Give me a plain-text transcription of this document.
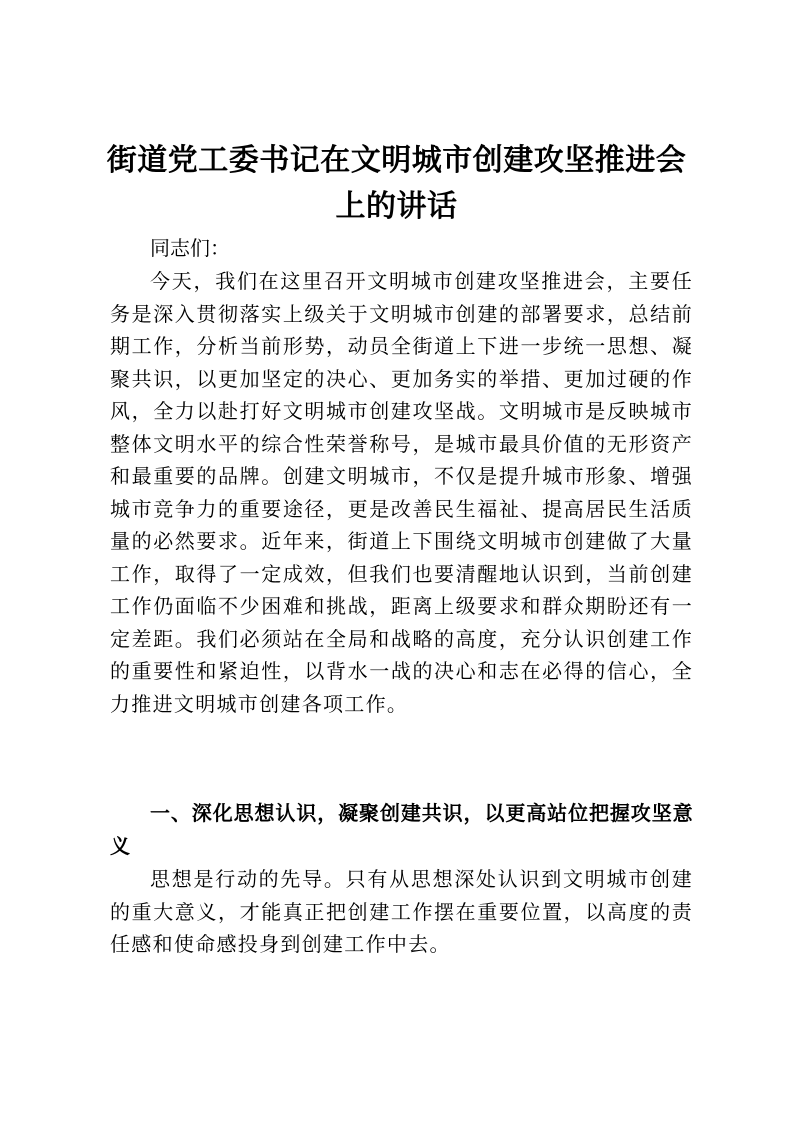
街道党工委书记在文明城市创建攻坚推进会上的讲话

同志们：

今天，我们在这里召开文明城市创建攻坚推进会，主要任务是深入贯彻落实上级关于文明城市创建的部署要求，总结前期工作，分析当前形势，动员全街道上下进一步统一思想、凝聚共识，以更加坚定的决心、更加务实的举措、更加过硬的作风，全力以赴打好文明城市创建攻坚战。文明城市是反映城市整体文明水平的综合性荣誉称号，是城市最具价值的无形资产和最重要的品牌。创建文明城市，不仅是提升城市形象、增强城市竞争力的重要途径，更是改善民生福祉、提高居民生活质量的必然要求。近年来，街道上下围绕文明城市创建做了大量工作，取得了一定成效，但我们也要清醒地认识到，当前创建工作仍面临不少困难和挑战，距离上级要求和群众期盼还有一定差距。我们必须站在全局和战略的高度，充分认识创建工作的重要性和紧迫性，以背水一战的决心和志在必得的信心，全力推进文明城市创建各项工作。

一、深化思想认识，凝聚创建共识，以更高站位把握攻坚意义

思想是行动的先导。只有从思想深处认识到文明城市创建的重大意义，才能真正把创建工作摆在重要位置，以高度的责任感和使命感投身到创建工作中去。
